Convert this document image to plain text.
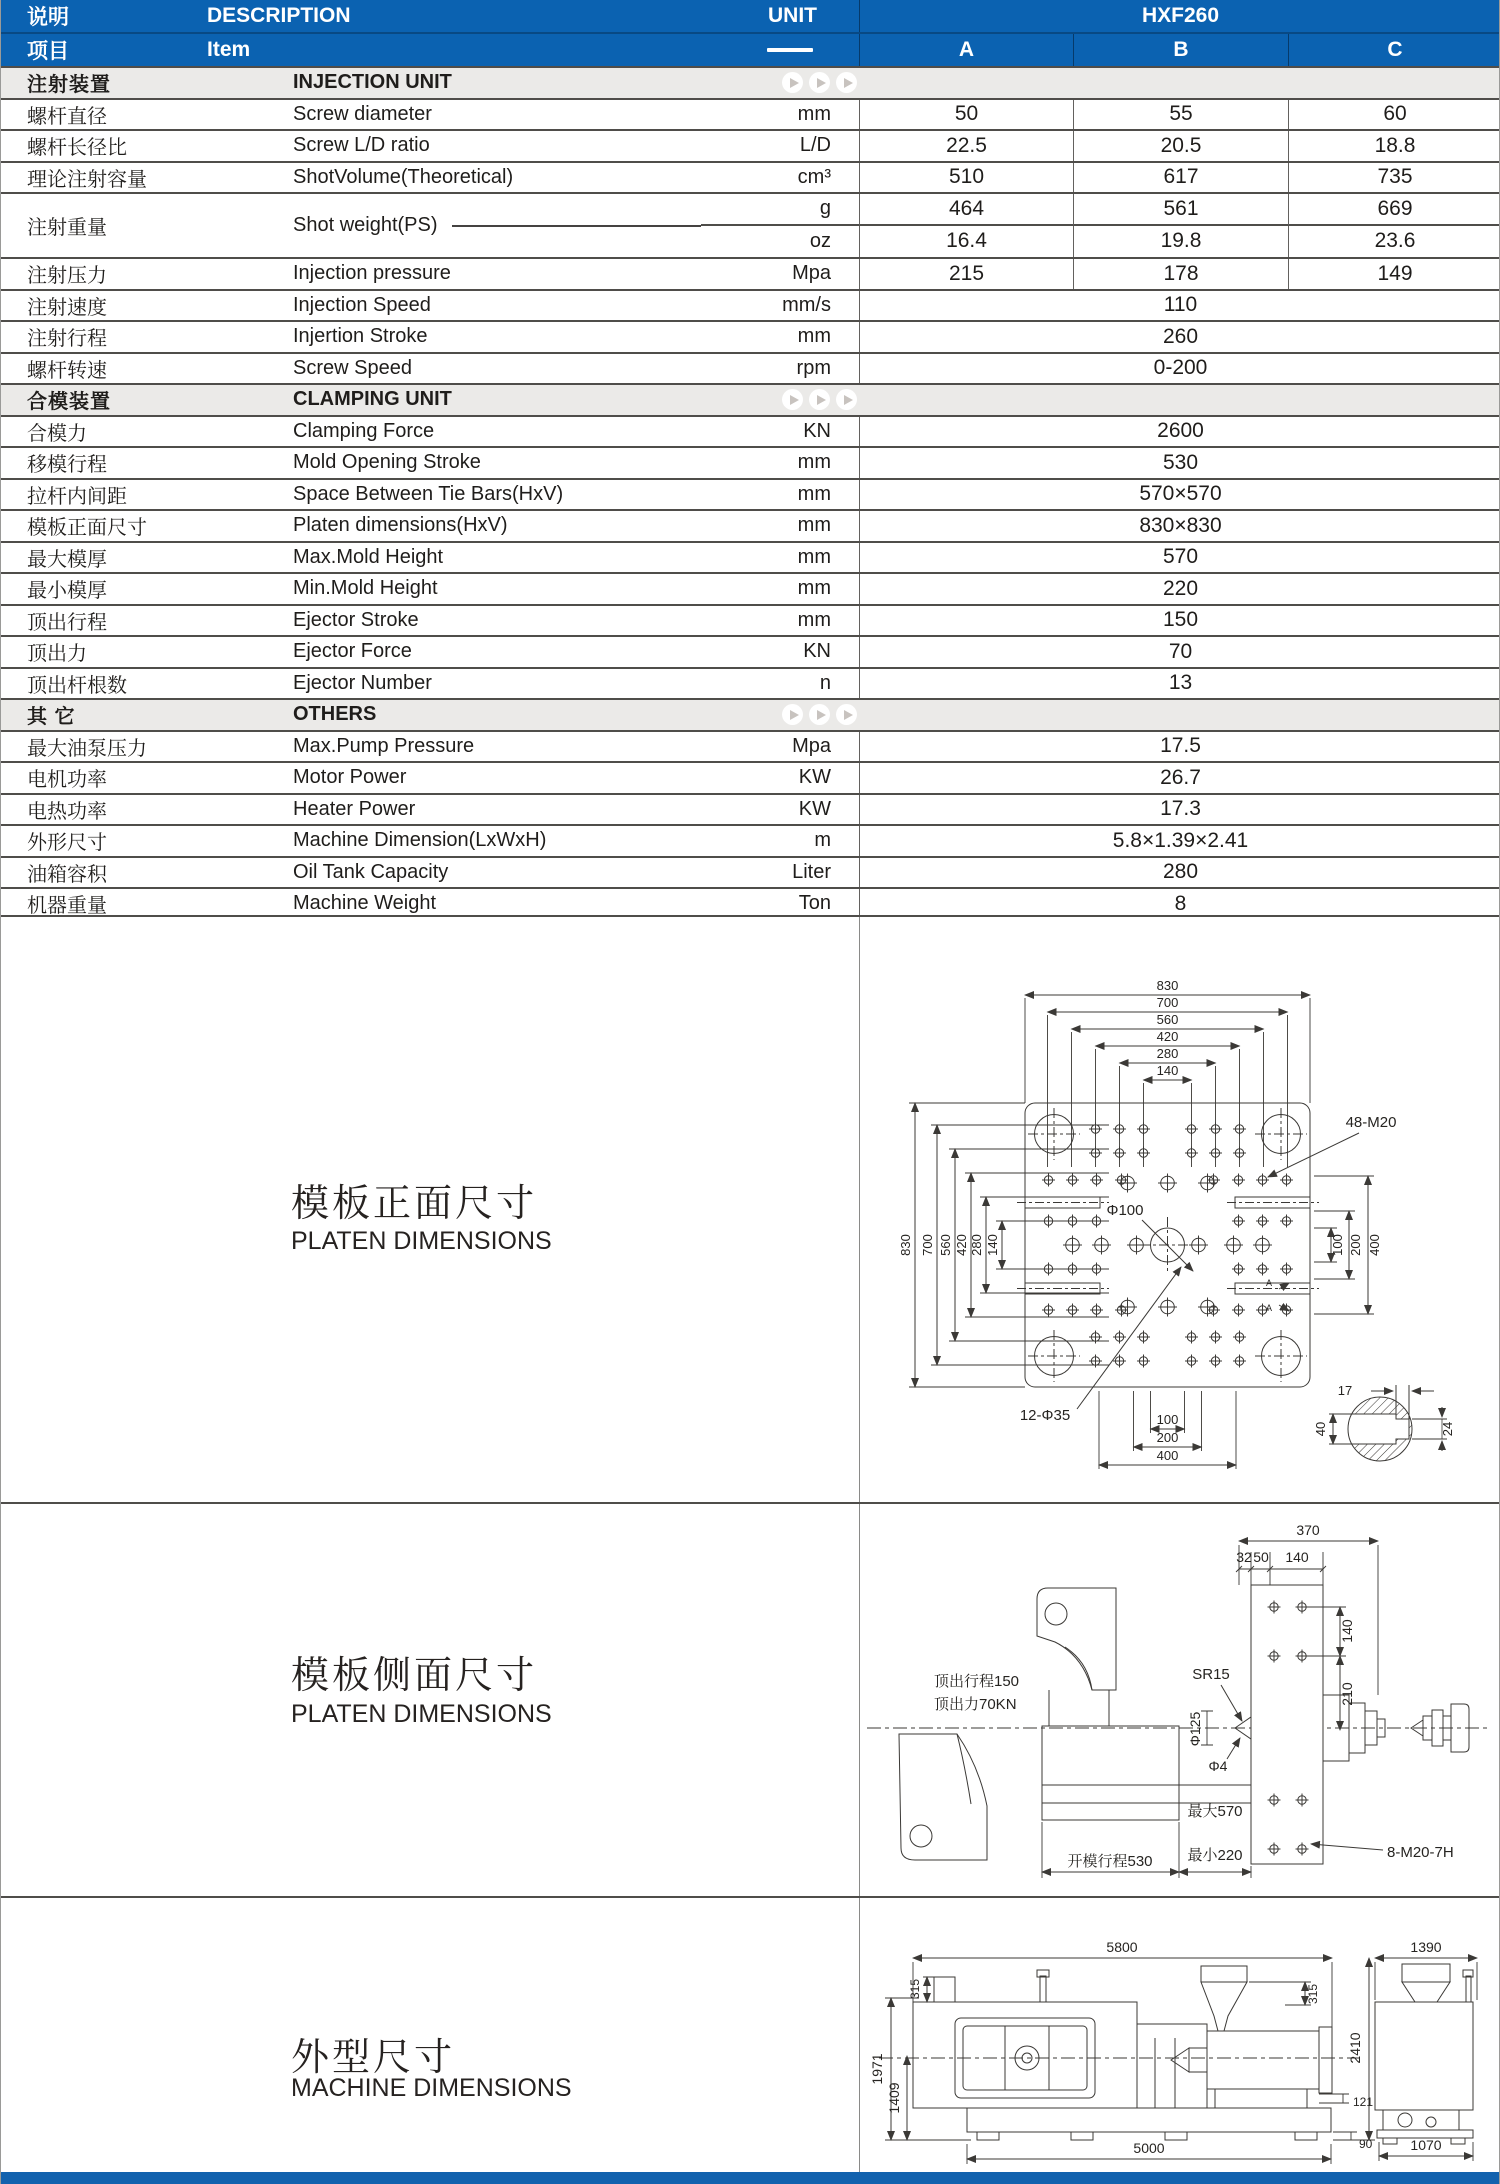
说明	DESCRIPTION	UNIT	HXF260
项目	Item	A	B	C
注射装置	INJECTION UNIT
螺杆直径	Screw diameter	mm	50	55	60
螺杆长径比	Screw L/D ratio	L/D	22.5	20.5	18.8
理论注射容量	ShotVolume(Theoretical)	cm³	510	617	735
注射重量	Shot weight(PS)
g	464	561	669
oz	16.4	19.8	23.6
注射压力	Injection pressure	Mpa	215	178	149
注射速度	Injection Speed	mm/s	110
注射行程	Injertion Stroke	mm	260
螺杆转速	Screw Speed	rpm	0-200
合模装置	CLAMPING UNIT
合模力	Clamping Force	KN	2600
移模行程	Mold Opening Stroke	mm	530
拉杆内间距	Space Between Tie Bars(HxV)	mm	570×570
模板正面尺寸	Platen dimensions(HxV)	mm	830×830
最大模厚	Max.Mold Height	mm	570
最小模厚	Min.Mold Height	mm	220
顶出行程	Ejector Stroke	mm	150
顶出力	Ejector Force	KN	70
顶出杆根数	Ejector Number	n	13
其 它	OTHERS
最大油泵压力	Max.Pump Pressure	Mpa	17.5
电机功率	Motor Power	KW	26.7
电热功率	Heater Power	KW	17.3
外形尺寸	Machine Dimension(LxWxH)	m	5.8×1.39×2.41
油箱容积	Oil Tank Capacity	Liter	280
机器重量	Machine Weight	Ton	8
模板正面尺寸
PLATEN DIMENSIONS
830
700
560
420
280
140
830 700 560 420 280 140	100 200 400
100
200
400
48-M20
Φ100
12-Φ35
17
40	24
A
A
模板侧面尺寸
PLATEN DIMENSIONS
370
32 50 140
140
210
SR15
Φ125
Φ4
顶出行程150
顶出力70KN
开模行程530
最大570
最小220	8-M20-7H
外型尺寸
MACHINE DIMENSIONS
5800	1390
1971
1409
315	315
2410
121
90
5000	1070
